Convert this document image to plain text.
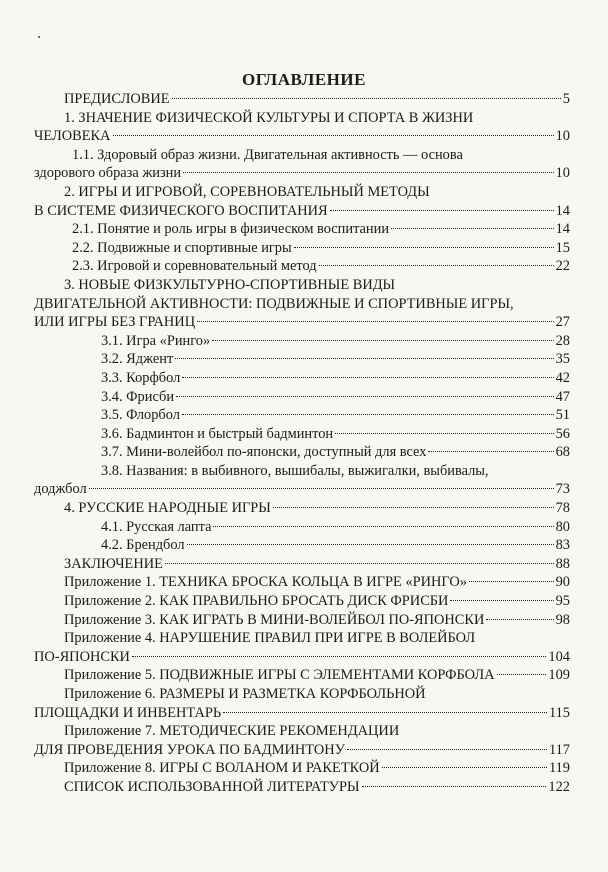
ОГЛАВЛЕНИЕ
ПРЕДИСЛОВИЕ	5
1. ЗНАЧЕНИЕ ФИЗИЧЕСКОЙ КУЛЬТУРЫ И СПОРТА В ЖИЗНИ
ЧЕЛОВЕКА	10
1.1. Здоровый образ жизни. Двигательная активность — основа
здорового образа жизни	10
2. ИГРЫ И ИГРОВОЙ, СОРЕВНОВАТЕЛЬНЫЙ МЕТОДЫ
В СИСТЕМЕ ФИЗИЧЕСКОГО ВОСПИТАНИЯ	14
2.1. Понятие и роль игры в физическом воспитании	14
2.2. Подвижные и спортивные игры	15
2.3. Игровой и соревновательный метод	22
3. НОВЫЕ ФИЗКУЛЬТУРНО-СПОРТИВНЫЕ ВИДЫ
ДВИГАТЕЛЬНОЙ АКТИВНОСТИ: ПОДВИЖНЫЕ И СПОРТИВНЫЕ ИГРЫ,
ИЛИ ИГРЫ БЕЗ ГРАНИЦ	27
3.1. Игра «Ринго»	28
3.2. Яджент	35
3.3. Корфбол	42
3.4. Фрисби	47
3.5. Флорбол	51
3.6. Бадминтон и быстрый бадминтон	56
3.7. Мини-волейбол по-японски, доступный для всех	68
3.8. Названия: в выбивного, вышибалы, выжигалки, выбивалы,
доджбол	73
4. РУССКИЕ НАРОДНЫЕ ИГРЫ	78
4.1. Русская лапта	80
4.2. Брендбол	83
ЗАКЛЮЧЕНИЕ	88
Приложение 1. ТЕХНИКА БРОСКА КОЛЬЦА В ИГРЕ «РИНГО»	90
Приложение 2. КАК ПРАВИЛЬНО БРОСАТЬ ДИСК ФРИСБИ	95
Приложение 3. КАК ИГРАТЬ В МИНИ-ВОЛЕЙБОЛ ПО-ЯПОНСКИ	98
Приложение 4. НАРУШЕНИЕ ПРАВИЛ ПРИ ИГРЕ В ВОЛЕЙБОЛ
ПО-ЯПОНСКИ	104
Приложение 5. ПОДВИЖНЫЕ ИГРЫ С ЭЛЕМЕНТАМИ КОРФБОЛА	109
Приложение 6. РАЗМЕРЫ И РАЗМЕТКА КОРФБОЛЬНОЙ
ПЛОЩАДКИ И ИНВЕНТАРЬ	115
Приложение 7. МЕТОДИЧЕСКИЕ РЕКОМЕНДАЦИИ
ДЛЯ ПРОВЕДЕНИЯ УРОКА ПО БАДМИНТОНУ	117
Приложение 8. ИГРЫ С ВОЛАНОМ И РАКЕТКОЙ	119
СПИСОК ИСПОЛЬЗОВАННОЙ ЛИТЕРАТУРЫ	122
